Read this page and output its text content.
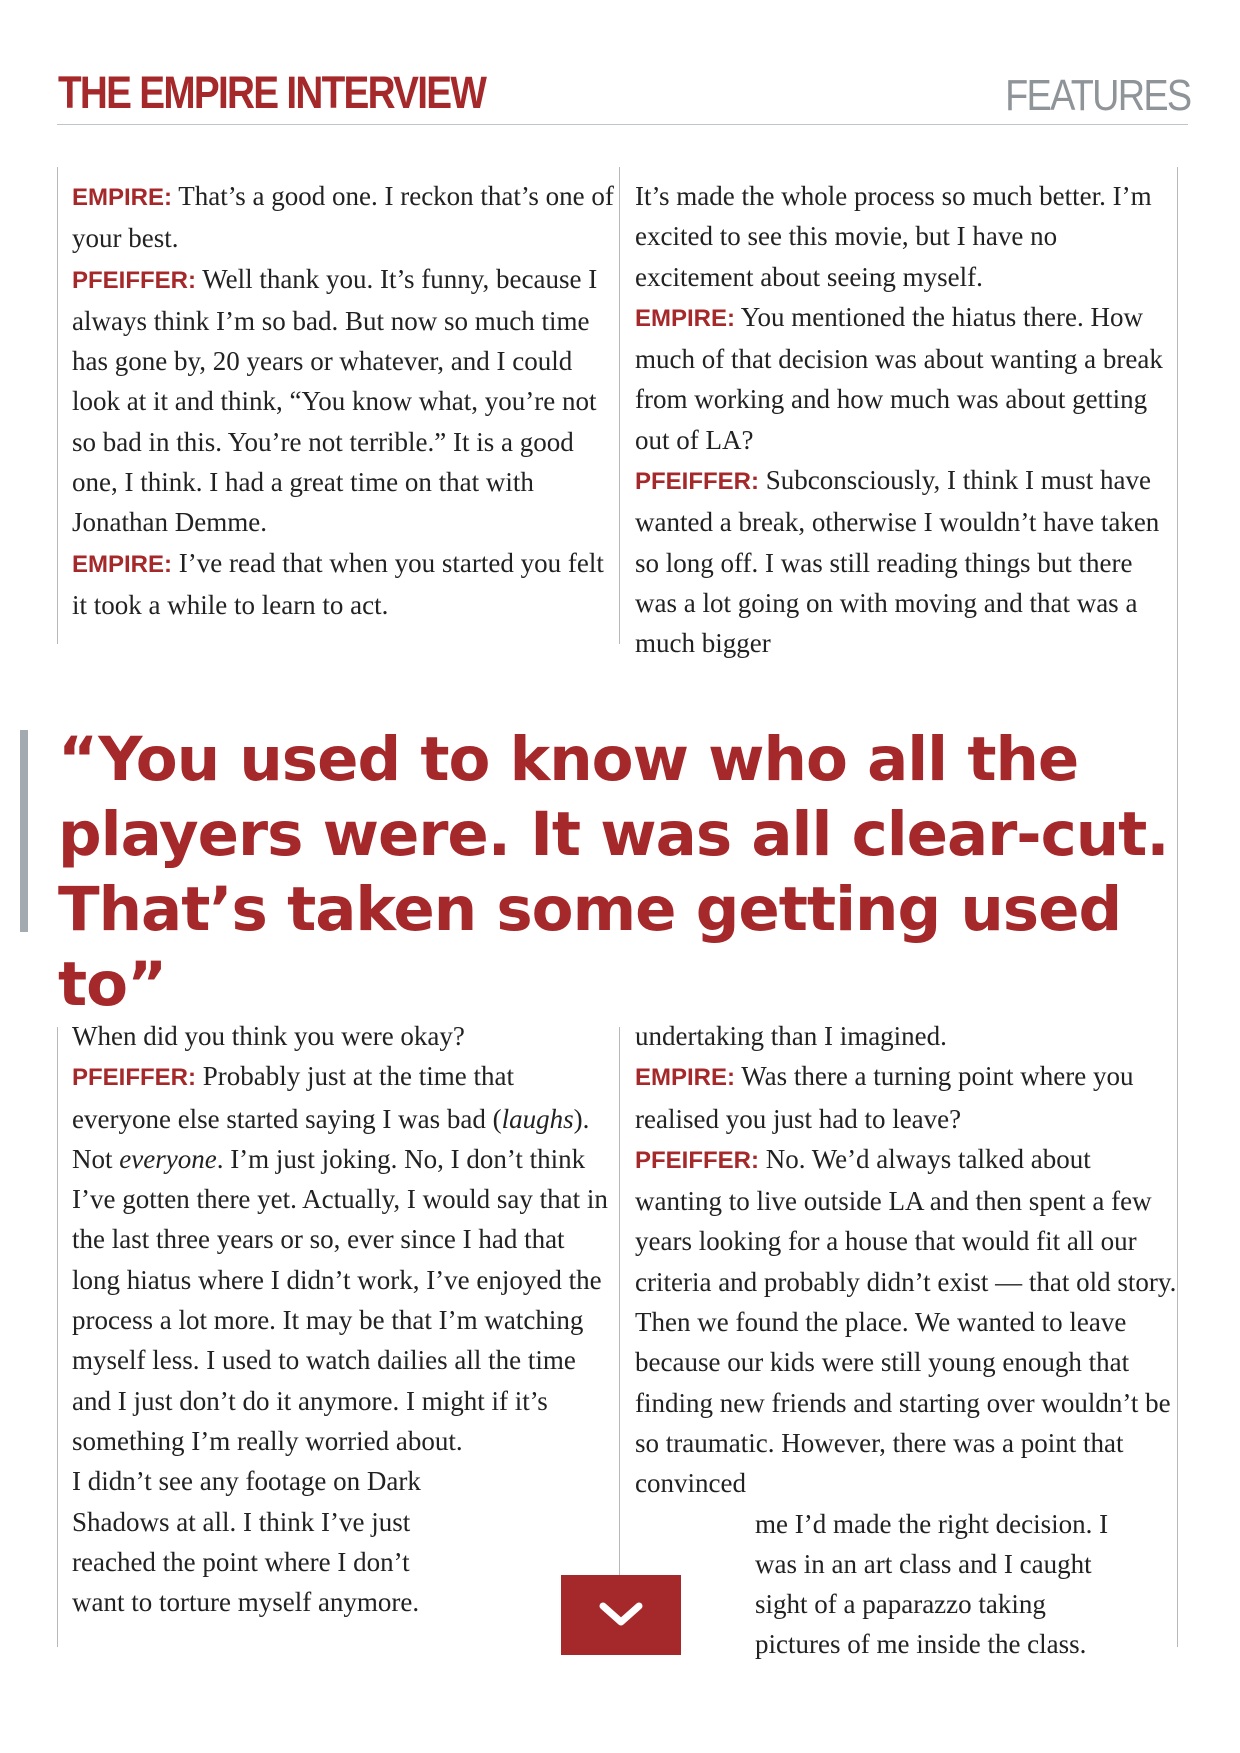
THE EMPIRE INTERVIEW	FEATURES

EMPIRE: That’s a good one. I reckon that’s one of your best.

PFEIFFER: Well thank you. It’s funny, because I always think I’m so bad. But now so much time has gone by, 20 years or whatever, and I could look at it and think, “You know what, you’re not so bad in this. You’re not terrible.” It is a good one, I think. I had a great time on that with Jonathan Demme.

EMPIRE: I’ve read that when you started you felt it took a while to learn to act.

It’s made the whole process so much better. I’m excited to see this movie, but I have no excitement about seeing myself.

EMPIRE: You mentioned the hiatus there. How much of that decision was about wanting a break from working and how much was about getting out of LA?

PFEIFFER: Subconsciously, I think I must have wanted a break, otherwise I wouldn’t have taken so long off. I was still reading things but there was a lot going on with moving and that was a much bigger

“You used to know who all the players were. It was all clear-cut. That’s taken some getting used to”

When did you think you were okay?

PFEIFFER: Probably just at the time that everyone else started saying I was bad (laughs). Not everyone. I’m just joking. No, I don’t think I’ve gotten there yet. Actually, I would say that in the last three years or so, ever since I had that long hiatus where I didn’t work, I’ve enjoyed the process a lot more. It may be that I’m watching myself less. I used to watch dailies all the time and I just don’t do it anymore. I might if it’s something I’m really worried about.

I didn’t see any footage on Dark
Shadows at all. I think I’ve just
reached the point where I don’t
want to torture myself anymore.

undertaking than I imagined.

EMPIRE: Was there a turning point where you realised you just had to leave?

PFEIFFER: No. We’d always talked about wanting to live outside LA and then spent a few years looking for a house that would fit all our criteria and probably didn’t exist — that old story. Then we found the place. We wanted to leave because our kids were still young enough that finding new friends and starting over wouldn’t be so traumatic. However, there was a point that convinced

me I’d made the right decision. I
was in an art class and I caught
sight of a paparazzo taking
pictures of me inside the class.
